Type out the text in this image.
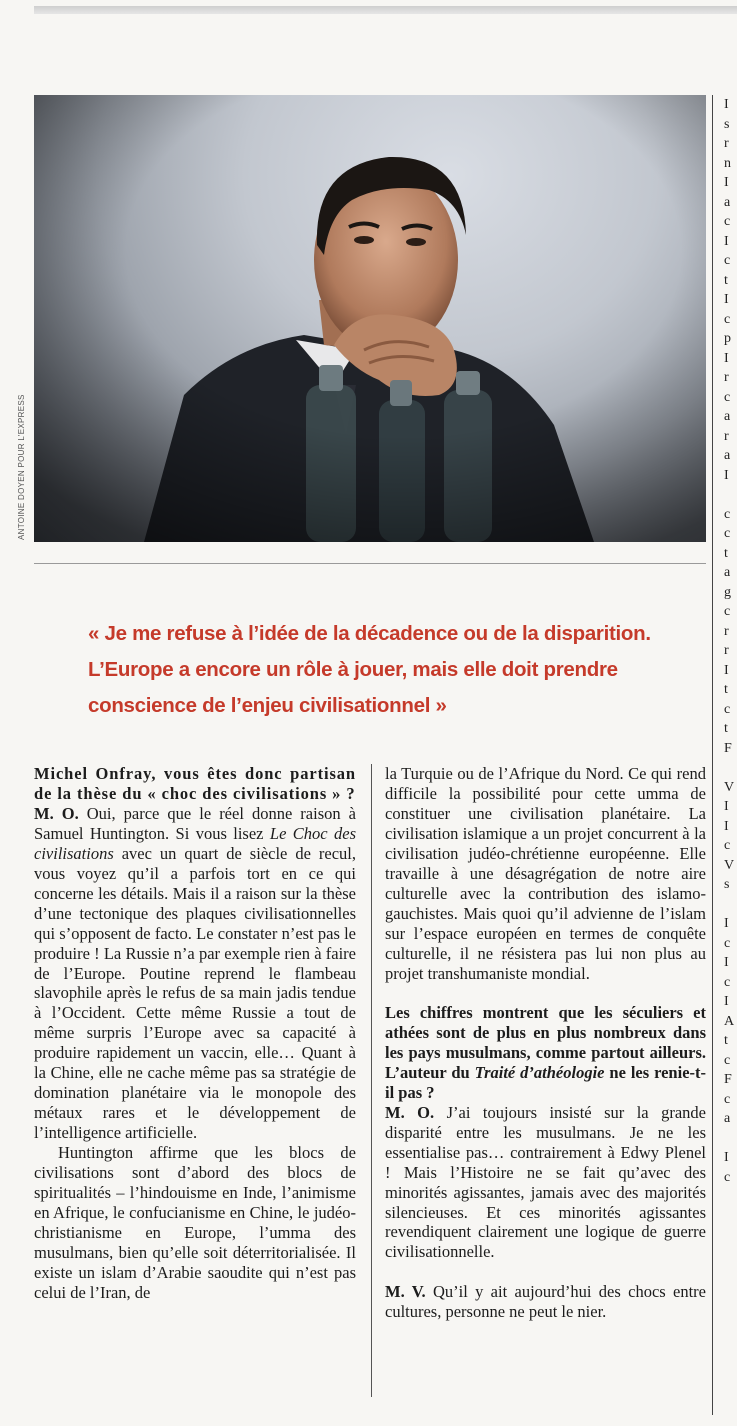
ANTOINE DOYEN POUR L’EXPRESS
I
s
r
n
I
a
c
I
c
t
I
c
p
I
r
c
a
r
a
I

c
c
t
a
g
c
r
r
I
t
c
t
F

V
I
I
c
V
s

I
c
I
c
I
A
t
c
F
c
a

I
c

« Je me refuse à l’idée de la décadence ou de la disparition. L’Europe a encore un rôle à jouer, mais elle doit prendre conscience de l’enjeu civilisationnel »

Michel Onfray, vous êtes donc partisan de la thèse du « choc des civilisations » ?

M. O. Oui, parce que le réel donne raison à Samuel Huntington. Si vous lisez Le Choc des civilisations avec un quart de siècle de recul, vous voyez qu’il a parfois tort en ce qui concerne les détails. Mais il a raison sur la thèse d’une tectonique des plaques civilisationnelles qui s’opposent de facto. Le constater n’est pas le produire ! La Russie n’a par exemple rien à faire de l’Europe. Poutine reprend le flambeau slavophile après le refus de sa main jadis tendue à l’Occident. Cette même Russie a tout de même surpris l’Europe avec sa capacité à produire rapidement un vaccin, elle… Quant à la Chine, elle ne cache même pas sa stratégie de domination planétaire via le monopole des métaux rares et le développement de l’intelligence artificielle.

Huntington affirme que les blocs de civilisations sont d’abord des blocs de spiritualités – l’hindouisme en Inde, l’animisme en Afrique, le confucianisme en Chine, le judéo-christianisme en Europe, l’umma des musulmans, bien qu’elle soit déterritorialisée. Il existe un islam d’Arabie saoudite qui n’est pas celui de l’Iran, de

la Turquie ou de l’Afrique du Nord. Ce qui rend difficile la possibilité pour cette umma de constituer une civilisation planétaire. La civilisation islamique a un projet concurrent à la civilisation judéo-chrétienne européenne. Elle travaille à une désagrégation de notre aire culturelle avec la contribution des islamo-gauchistes. Mais quoi qu’il advienne de l’islam sur l’espace européen en termes de conquête culturelle, il ne résistera pas lui non plus au projet transhumaniste mondial.

Les chiffres montrent que les séculiers et athées sont de plus en plus nombreux dans les pays musulmans, comme partout ailleurs. L’auteur du Traité d’athéologie ne les renie-t-il pas ?

M. O. J’ai toujours insisté sur la grande disparité entre les musulmans. Je ne les essentialise pas… contrairement à Edwy Plenel ! Mais l’Histoire ne se fait qu’avec des minorités agissantes, jamais avec des majorités silencieuses. Et ces minorités agissantes revendiquent clairement une logique de guerre civilisationnelle.

M. V. Qu’il y ait aujourd’hui des chocs entre cultures, personne ne peut le nier.
